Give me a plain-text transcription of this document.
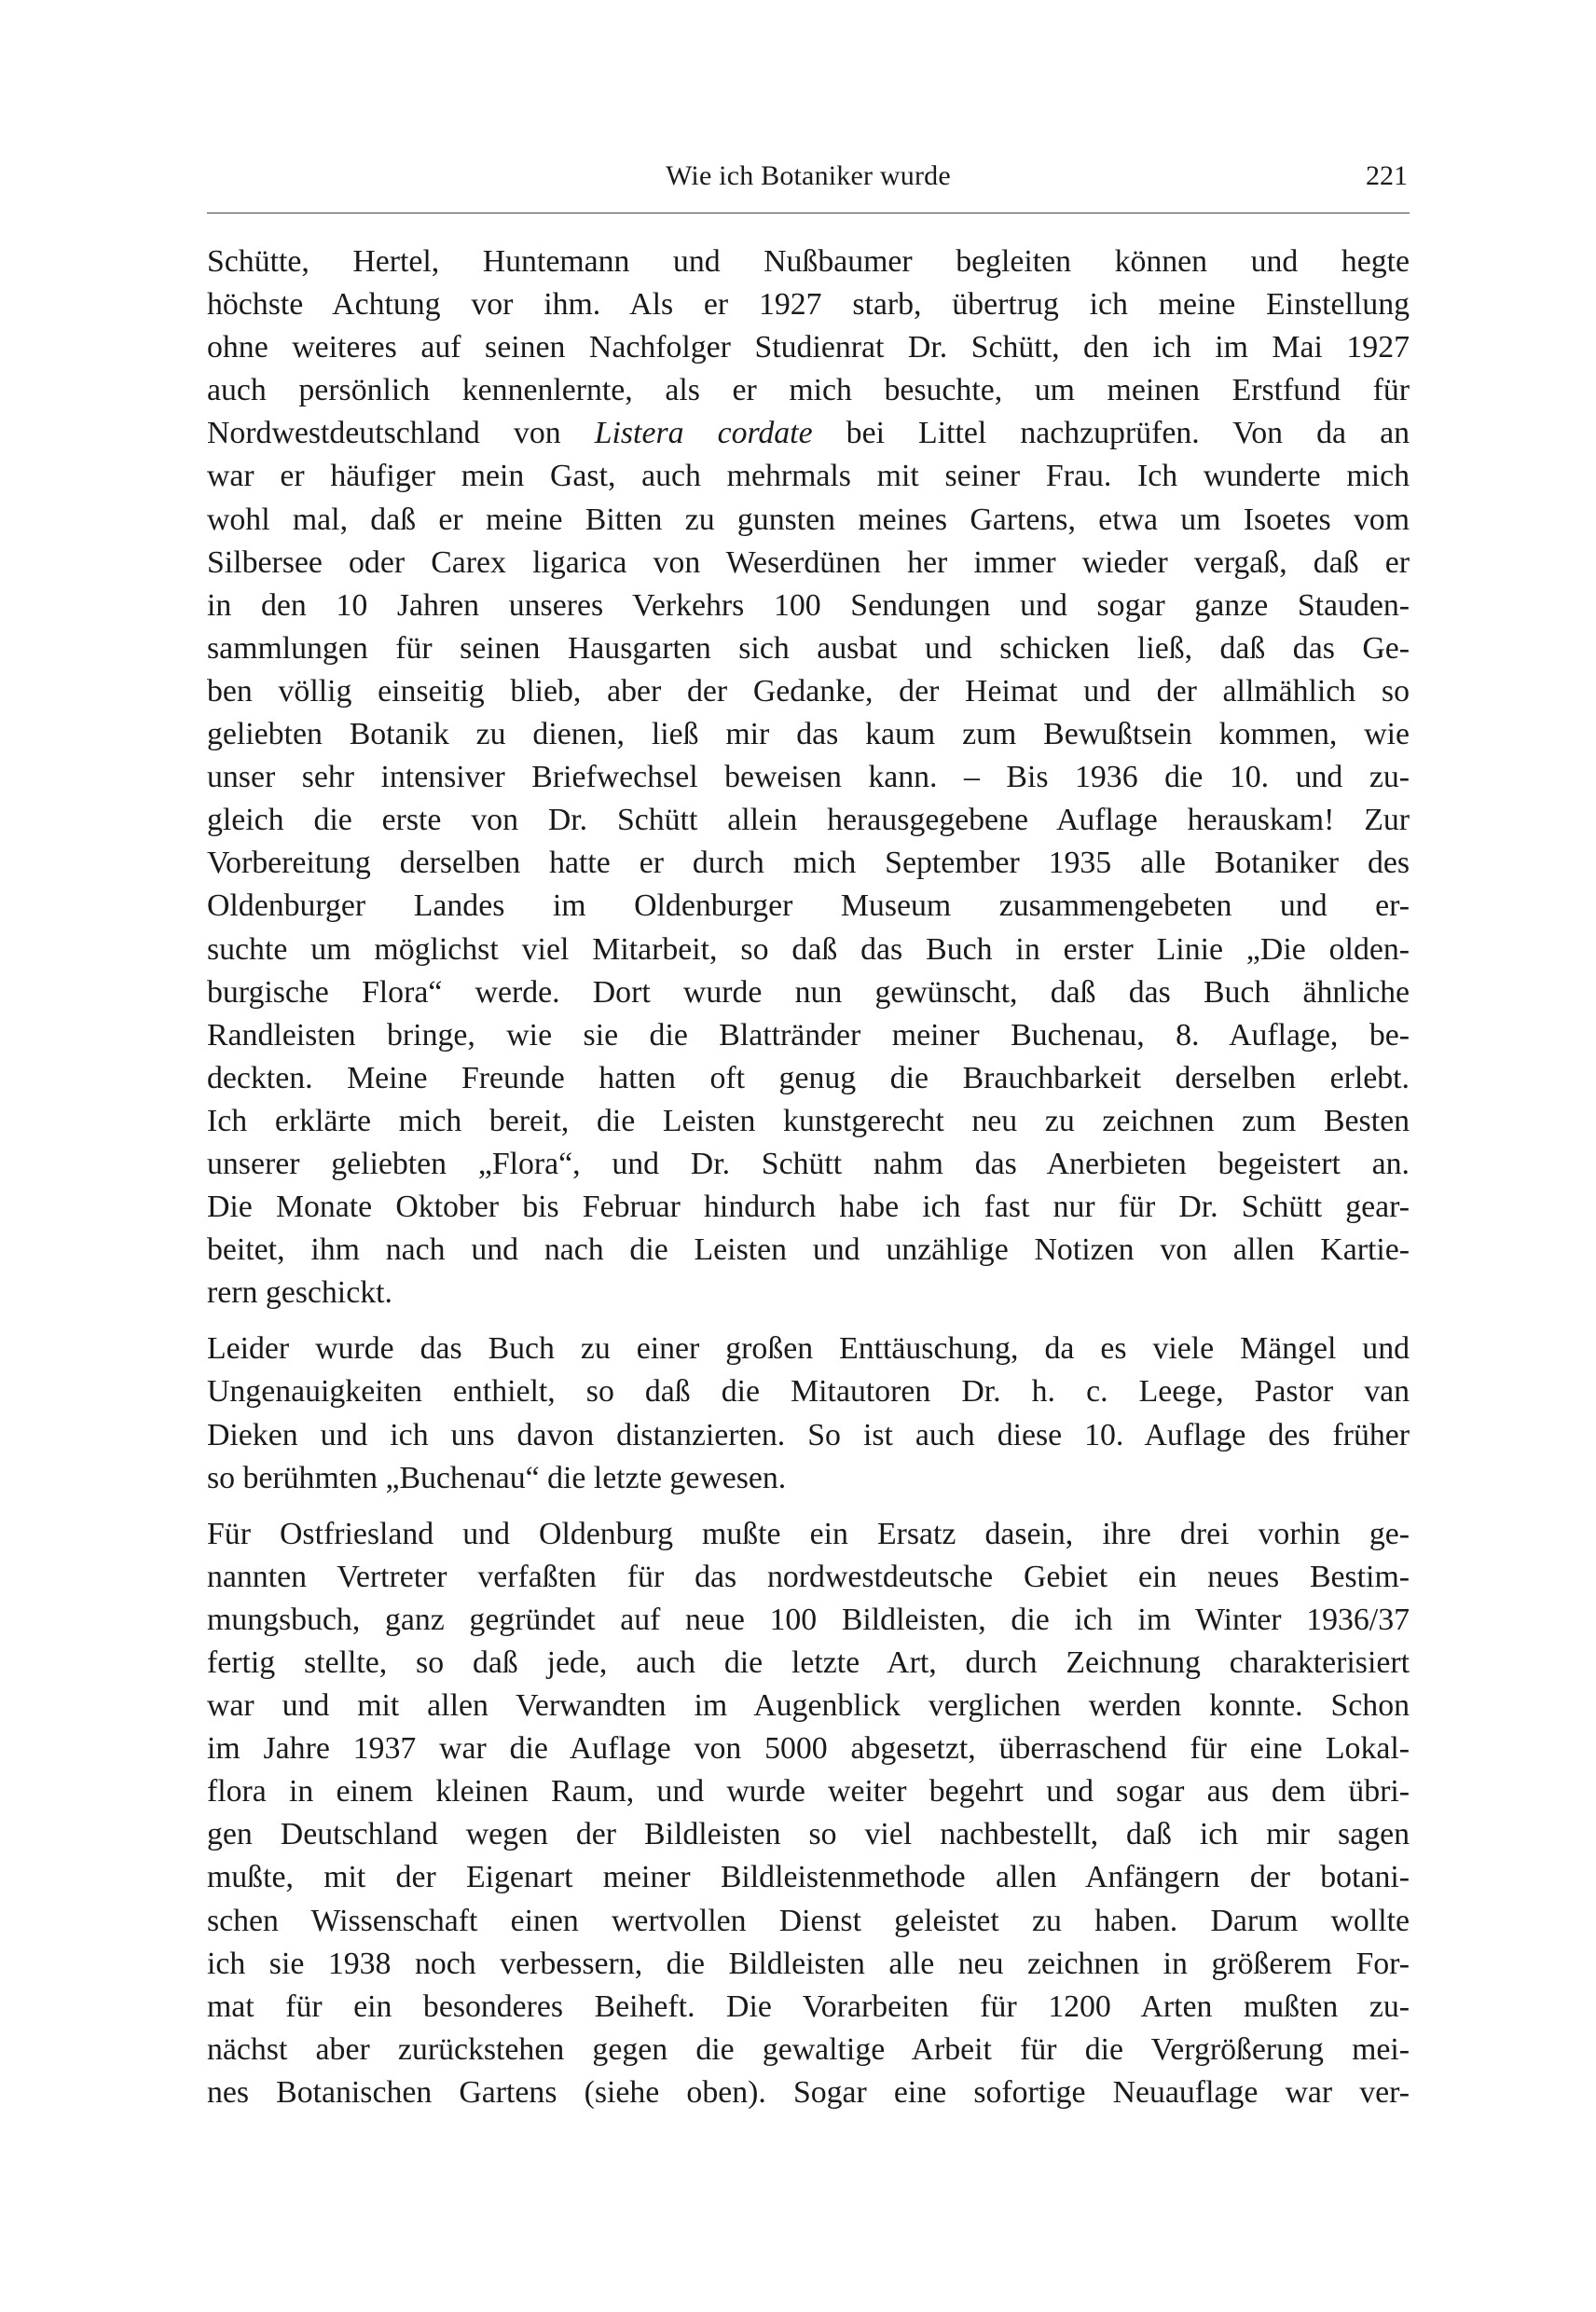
Wie ich Botaniker wurde	221

Schütte, Hertel, Huntemann und Nußbaumer begleiten können und hegte
höchste Achtung vor ihm. Als er 1927 starb, übertrug ich meine Einstellung
ohne weiteres auf seinen Nachfolger Studienrat Dr. Schütt, den ich im Mai 1927
auch persönlich kennenlernte, als er mich besuchte, um meinen Erstfund für
Nordwestdeutschland von Listera cordate bei Littel nachzuprüfen. Von da an
war er häufiger mein Gast, auch mehrmals mit seiner Frau. Ich wunderte mich
wohl mal, daß er meine Bitten zu gunsten meines Gartens, etwa um Isoetes vom
Silbersee oder Carex ligarica von Weserdünen her immer wieder vergaß, daß er
in den 10 Jahren unseres Verkehrs 100 Sendungen und sogar ganze Stauden-
sammlungen für seinen Hausgarten sich ausbat und schicken ließ, daß das Ge-
ben völlig einseitig blieb, aber der Gedanke, der Heimat und der allmählich so
geliebten Botanik zu dienen, ließ mir das kaum zum Bewußtsein kommen, wie
unser sehr intensiver Briefwechsel beweisen kann. – Bis 1936 die 10. und zu-
gleich die erste von Dr. Schütt allein herausgegebene Auflage herauskam! Zur
Vorbereitung derselben hatte er durch mich September 1935 alle Botaniker des
Oldenburger Landes im Oldenburger Museum zusammengebeten und er-
suchte um möglichst viel Mitarbeit, so daß das Buch in erster Linie „Die olden-
burgische Flora“ werde. Dort wurde nun gewünscht, daß das Buch ähnliche
Randleisten bringe, wie sie die Blattränder meiner Buchenau, 8. Auflage, be-
deckten. Meine Freunde hatten oft genug die Brauchbarkeit derselben erlebt.
Ich erklärte mich bereit, die Leisten kunstgerecht neu zu zeichnen zum Besten
unserer geliebten „Flora“, und Dr. Schütt nahm das Anerbieten begeistert an.
Die Monate Oktober bis Februar hindurch habe ich fast nur für Dr. Schütt gear-
beitet, ihm nach und nach die Leisten und unzählige Notizen von allen Kartie-
rern geschickt.

Leider wurde das Buch zu einer großen Enttäuschung, da es viele Mängel und
Ungenauigkeiten enthielt, so daß die Mitautoren Dr. h. c. Leege, Pastor van
Dieken und ich uns davon distanzierten. So ist auch diese 10. Auflage des früher
so berühmten „Buchenau“ die letzte gewesen.

Für Ostfriesland und Oldenburg mußte ein Ersatz dasein, ihre drei vorhin ge-
nannten Vertreter verfaßten für das nordwestdeutsche Gebiet ein neues Bestim-
mungsbuch, ganz gegründet auf neue 100 Bildleisten, die ich im Winter 1936/37
fertig stellte, so daß jede, auch die letzte Art, durch Zeichnung charakterisiert
war und mit allen Verwandten im Augenblick verglichen werden konnte. Schon
im Jahre 1937 war die Auflage von 5000 abgesetzt, überraschend für eine Lokal-
flora in einem kleinen Raum, und wurde weiter begehrt und sogar aus dem übri-
gen Deutschland wegen der Bildleisten so viel nachbestellt, daß ich mir sagen
mußte, mit der Eigenart meiner Bildleistenmethode allen Anfängern der botani-
schen Wissenschaft einen wertvollen Dienst geleistet zu haben. Darum wollte
ich sie 1938 noch verbessern, die Bildleisten alle neu zeichnen in größerem For-
mat für ein besonderes Beiheft. Die Vorarbeiten für 1200 Arten mußten zu-
nächst aber zurückstehen gegen die gewaltige Arbeit für die Vergrößerung mei-
nes Botanischen Gartens (siehe oben). Sogar eine sofortige Neuauflage war ver-
